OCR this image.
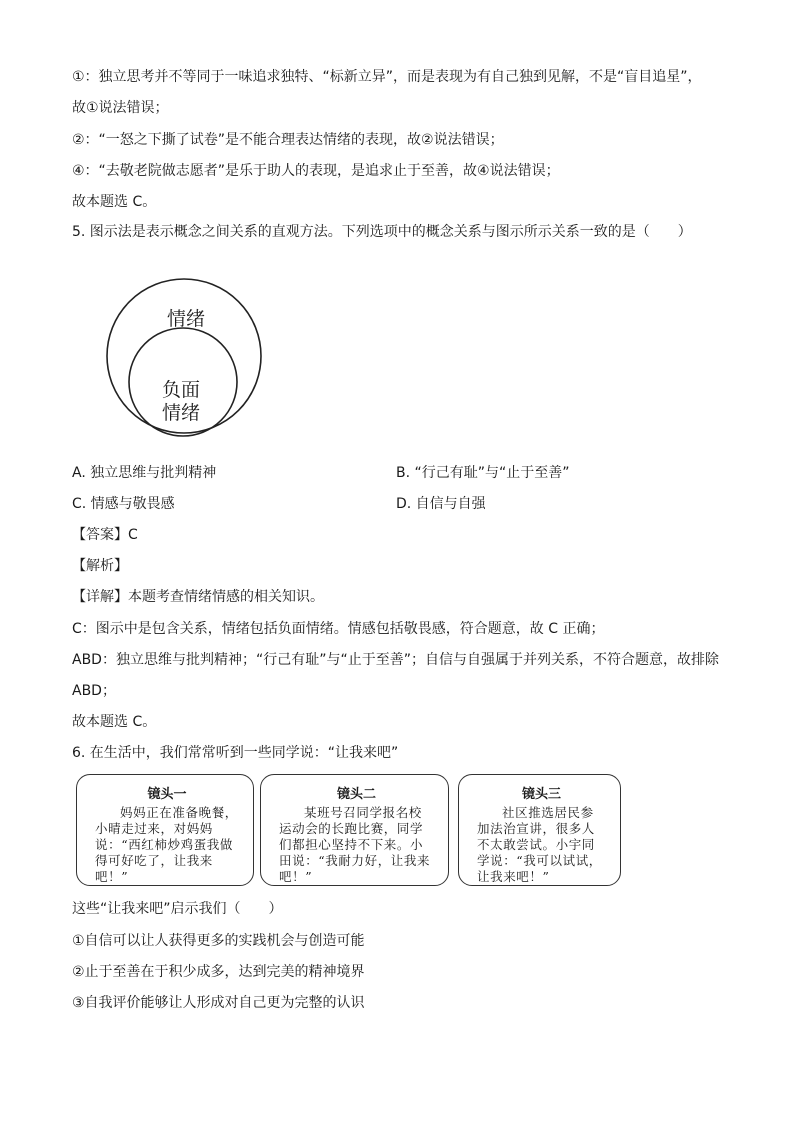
①：独立思考并不等同于一味追求独特、“标新立异”，而是表现为有自己独到见解，不是“盲目追星”，
故①说法错误；
②：“一怒之下撕了试卷”是不能合理表达情绪的表现，故②说法错误；
④：“去敬老院做志愿者”是乐于助人的表现，是追求止于至善，故④说法错误；
故本题选 C。
5. 图示法是表示概念之间关系的直观方法。下列选项中的概念关系与图示所示关系一致的是（　　）
情绪
负面
情绪
A. 独立思维与批判精神	B. “行己有耻”与“止于至善”
C. 情感与敬畏感	D. 自信与自强
【答案】C
【解析】
【详解】本题考查情绪情感的相关知识。
C：图示中是包含关系，情绪包括负面情绪。情感包括敬畏感，符合题意，故 C 正确；
ABD：独立思维与批判精神；“行己有耻”与“止于至善”；自信与自强属于并列关系，不符合题意，故排除
ABD；
故本题选 C。
6. 在生活中，我们常常听到一些同学说：“让我来吧”
镜头一
妈妈正在准备晚餐，小晴走过来，对妈妈说：“西红柿炒鸡蛋我做得可好吃了，让我来吧！”
镜头二
某班号召同学报名校运动会的长跑比赛，同学们都担心坚持不下来。小田说：“我耐力好，让我来吧！”
镜头三
社区推选居民参加法治宣讲，很多人不太敢尝试。小宇同学说：“我可以试试，让我来吧！”
这些“让我来吧”启示我们（　　）
①自信可以让人获得更多的实践机会与创造可能
②止于至善在于积少成多，达到完美的精神境界
③自我评价能够让人形成对自己更为完整的认识
